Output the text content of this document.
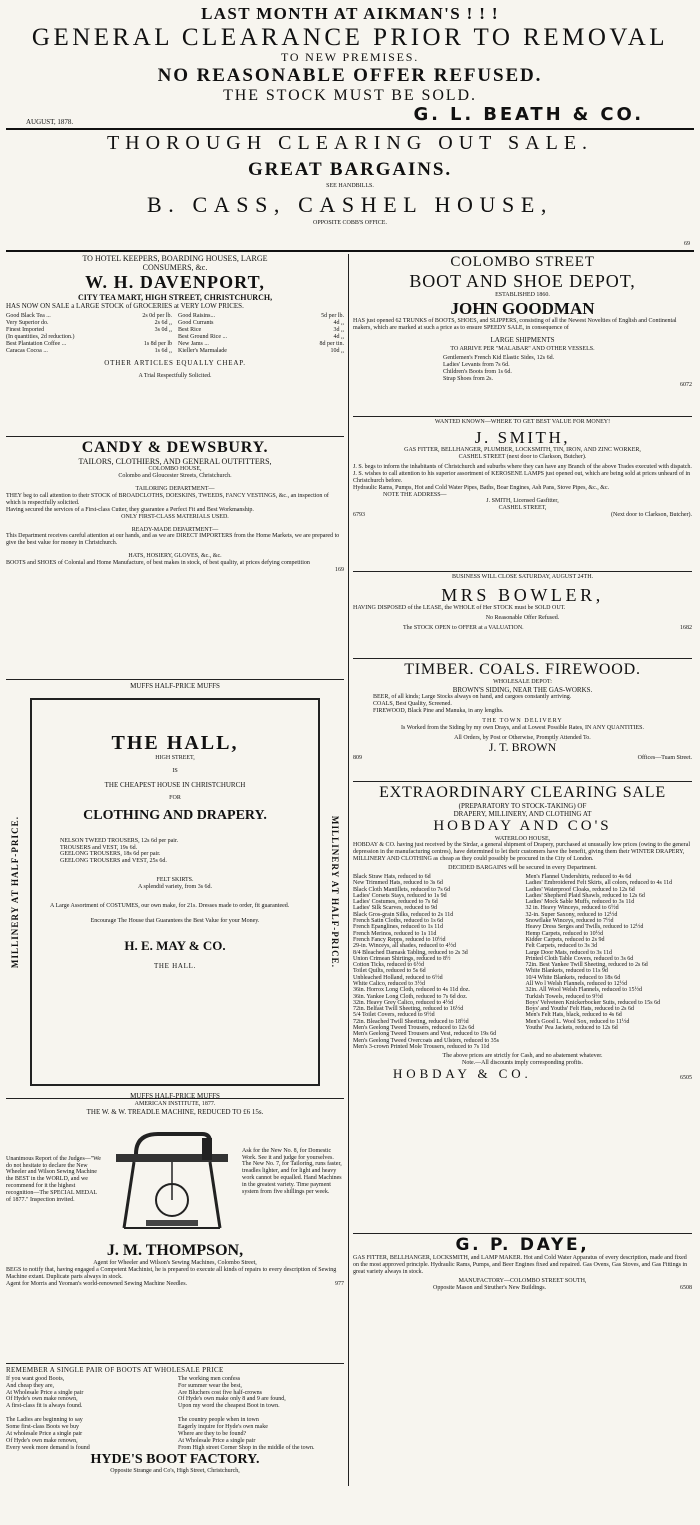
LAST MONTH AT AIKMAN'S ! ! !
GENERAL CLEARANCE PRIOR TO REMOVAL
TO NEW PREMISES.
NO REASONABLE OFFER REFUSED.
THE STOCK MUST BE SOLD.
AUGUST, 1878.	G. L. BEATH & CO.
THOROUGH CLEARING OUT SALE.
GREAT BARGAINS.
SEE HANDBILLS.
B. CASS, CASHEL HOUSE,
OPPOSITE COBB'S OFFICE.
69
TO HOTEL KEEPERS, BOARDING HOUSES, LARGE
CONSUMERS, &c.
W. H. DAVENPORT,
CITY TEA MART, HIGH STREET, CHRISTCHURCH,
HAS NOW ON SALE a LARGE STOCK of GROCERIES at VERY LOW PRICES.
Good Black Tea ...	2s 0d per lb.
Very Superior do.	2s 6d ,,
Finest Imported	3s 0d ,,
(In quantities, 2d reduction.)
Best Plantation Coffee ...	1s 8d per lb
Caracas Cocoa ...	1s 6d ,,
Good Raisins...	5d per lb.
Good Currants	4d ,,
Best Rice	3d ,,
Best Ground Rice ...	4d ,,
New Jams ...	8d per tin.
Kieller's Marmalade	10d ,,
OTHER ARTICLES EQUALLY CHEAP.
A Trial Respectfully Solicited.
CANDY & DEWSBURY.
TAILORS, CLOTHIERS, AND GENERAL OUTFITTERS,
COLOMBO HOUSE,
Colombo and Gloucester Streets, Christchurch.
TAILORING DEPARTMENT—
THEY beg to call attention to their STOCK of BROADCLOTHS, DOESKINS, TWEEDS, FANCY VESTINGS, &c., an inspection of which is respectfully solicited.
Having secured the services of a First-class Cutter, they guarantee a Perfect Fit and Best Workmanship.
ONLY FIRST-CLASS MATERIALS USED.
READY-MADE DEPARTMENT—
This Department receives careful attention at our hands, and as we are DIRECT IMPORTERS from the Home Markets, we are prepared to give the best value for money in Christchurch.
HATS, HOSIERY, GLOVES, &c., &c.
BOOTS and SHOES of Colonial and Home Manufacture, of best makes in stock, of best quality, at prices defying competition
169
MUFFS HALF-PRICE MUFFS
MILLINERY AT HALF-PRICE.	MILLINERY AT HALF-PRICE.
THE HALL,
HIGH STREET,
IS
THE CHEAPEST HOUSE IN CHRISTCHURCH
FOR
CLOTHING AND DRAPERY.
NELSON TWEED TROUSERS, 12s 6d per pair.
TROUSERS and VEST, 19s 6d.
GEELONG TROUSERS, 18s 6d per pair.
GEELONG TROUSERS and VEST, 25s 6d.
FELT SKIRTS.
A splendid variety, from 3s 6d.
A Large Assortment of COSTUMES, our own make, for 21s. Dresses made to order, fit guaranteed.
Encourage The House that Guarantees the Best Value for your Money.
H. E. MAY & CO.
THE HALL.
MUFFS HALF-PRICE MUFFS
AMERICAN INSTITUTE, 1877.
THE W. & W. TREADLE MACHINE, REDUCED TO £6 15s.
Unanimous Report of the Judges—"We do not hesitate to declare the New Wheeler and Wilson Sewing Machine the BEST in the WORLD, and we recommend for it the highest recognition—The SPECIAL MEDAL of 1877." Inspection invited.
Ask for the New No. 8, for Domestic Work. See it and judge for yourselves. The New No. 7, for Tailoring, runs faster, treadles lighter, and for light and heavy work cannot be equalled. Hand Machines in the greatest variety. Time payment system from five shillings per week.
J. M. THOMPSON,
Agent for Wheeler and Wilson's Sewing Machines, Colombo Street,
BEGS to notify that, having engaged a Competent Machinist, he is prepared to execute all kinds of repairs to every description of Sewing Machine extant. Duplicate parts always in stock.
Agent for Morris and Yeoman's world-renowned Sewing Machine Needles.	977
REMEMBER A SINGLE PAIR OF BOOTS AT WHOLESALE PRICE
If you want good Boots,
And cheap they are,
At Wholesale Price a single pair
Of Hyde's own make renown,
A first-class fit is always found.

The Ladies are beginning to say
Some first-class Boots we buy
At wholesale Price a single pair
Of Hyde's own make renown,
Every week more demand is found
The working men confess
For summer wear the best,
Are Bluchers cost five half-crowns
Of Hyde's own make only 8 and 9 are found,
Upon my word the cheapest Boot in town.

The country people when in town
Eagerly inquire for Hyde's own make
Where are they to be found?
At Wholesale Price a single pair
From High street Corner Shop in the middle of the town.
HYDE'S BOOT FACTORY.
Opposite Strange and Co's, High Street, Christchurch,
COLOMBO STREET
BOOT AND SHOE DEPOT,
ESTABLISHED 1860.
JOHN GOODMAN
HAS just opened 62 TRUNKS of BOOTS, SHOES, and SLIPPERS, consisting of all the Newest Novelties of English and Continental makers, which are marked at such a price as to ensure SPEEDY SALE, in consequence of
LARGE SHIPMENTS
TO ARRIVE PER "MALABAR" AND OTHER VESSELS.
Gentlemen's French Kid Elastic Sides, 12s 6d.
Ladies' Levants from 7s 6d.
Children's Boots from 1s 6d.
Strap Shoes from 2s.
6072
WANTED KNOWN—WHERE TO GET BEST VALUE FOR MONEY!
J. SMITH,
GAS FITTER, BELLHANGER, PLUMBER, LOCKSMITH, TIN, IRON, AND ZINC WORKER,
CASHEL STREET (next door to Clarkson, Butcher).
J. S. begs to inform the inhabitants of Christchurch and suburbs where they can have any Branch of the above Trades executed with dispatch.
J. S. wishes to call attention to his superior assortment of KEROSENE LAMPS just opened out, which are being sold at prices unheard of in Christchurch before.
Hydraulic Rams, Pumps, Hot and Cold Water Pipes, Baths, Boar Engines, Ash Pans, Stove Pipes, &c., &c.
NOTE THE ADDRESS—
J. SMITH, Licensed Gasfitter,
CASHEL STREET,
6793	(Next door to Clarkson, Butcher).
BUSINESS WILL CLOSE SATURDAY, AUGUST 24TH.
MRS BOWLER,
HAVING DISPOSED of the LEASE, the WHOLE of Her STOCK must be SOLD OUT.
No Reasonable Offer Refused.
The STOCK OPEN to OFFER at a VALUATION.	1682
TIMBER. COALS. FIREWOOD.
WHOLESALE DEPOT:
BROWN'S SIDING, NEAR THE GAS-WORKS.
BEER, of all kinds; Large Stocks always on hand, and cargoes constantly arriving.
COALS, Best Quality, Screened.
FIREWOOD, Black Pine and Manuka, in any lengths.
THE TOWN DELIVERY
Is Worked from the Siding by my own Drays, and at Lowest Possible Rates, IN ANY QUANTITIES.
All Orders, by Post or Otherwise, Promptly Attended To.
J. T. BROWN
809	Offices—Tuam Street.
EXTRAORDINARY CLEARING SALE
(PREPARATORY TO STOCK-TAKING) OF
DRAPERY, MILLINERY, AND CLOTHING AT
HOBDAY AND CO'S
WATERLOO HOUSE,
HOBDAY & CO. having just received by the Sirdar, a general shipment of Drapery, purchased at unusually low prices (owing to the general depression in the manufacturing centres), have determined to let their customers have the benefit, giving them their WINTER DRAPERY, MILLINERY AND CLOTHING as cheap as they could possibly be procured in the City of London.
DECIDED BARGAINS will be secured in every Department.
Black Straw Hats, reduced to 6d
New Trimmed Hats, reduced to 3s 6d
Black Cloth Mantillets, reduced to 7s 6d
Ladies' Corsets Stays, reduced to 1s 9d
Ladies' Costumes, reduced to 7s 6d
Ladies' Silk Scarves, reduced to 9d
Black Gros-grain Silks, reduced to 2s 11d
French Satin Cloths, reduced to 1s 6d
French Epanglines, reduced to 1s 11d
French Merinos, reduced to 1s 11d
French Fancy Repps, reduced to 10½d
29-in. Winceys, all shades, reduced to 4½d
8/4 Bleached Damask Tabling, reduced to 2s 3d
Union Crimean Shirtings, reduced to 8½
Cotton Ticks, reduced to 6½d
Toilet Quilts, reduced to 5s 6d
Unbleached Holland, reduced to 6½d
White Calico, reduced to 3½d
36in. Horrox Long Cloth, reduced to 4s 11d doz.
36in. Yankee Long Cloth, reduced to 7s 6d doz.
32in. Heavy Grey Calico, reduced to 4½d
72in. Belfast Twill Sheeting, reduced to 16½d
5/4 Toilet Covers, reduced to 9½d
72in. Bleached Twill Sheeting, reduced to 18½d
Men's Geelong Tweed Trousers, reduced to 12s 6d
Men's Geelong Tweed Trousers and Vest, reduced to 19s 6d
Men's Geelong Tweed Overcoats and Ulsters, reduced to 35s
Men's 3-crown Printed Mole Trousers, reduced to 7s 11d
Men's Flannel Undershirts, reduced to 4s 6d
Ladies' Embroidered Felt Skirts, all colors, reduced to 4s 11d
Ladies' Waterproof Cloaks, reduced to 12s 6d
Ladies' Shepherd Plaid Shawls, reduced to 12s 6d
Ladies' Mock Sable Muffs, reduced to 3s 11d
32 in. Heavy Winceys, reduced to 6½d
32-in. Super Saxony, reduced to 12½d
Snowflake Winceys, reduced to 7½d
Heavy Dress Serges and Twills, reduced to 12½d
Hemp Carpets, reduced to 10½d
Kidder Carpets, reduced to 2s 9d
Felt Carpets, reduced to 3s 3d
Large Door Mats, reduced to 3s 11d
Printed Cloth Table Covers, reduced to 3s 6d
72in. Best Yankee Twill Sheeting, reduced to 2s 6d
White Blankets, reduced to 11s 9d
10/4 White Blankets, reduced to 18s 6d
All Wo l Welsh Flannels, reduced to 12½d
32in. All Wool Welsh Flannels, reduced to 15½d
Turkish Towels, reduced to 9½d
Boys' Velveteen Knickerbocker Suits, reduced to 15s 6d
Boys' and Youths' Felt Hats, reduced to 2s 6d
Men's Felt Hats, black, reduced to 4s 6d
Men's Good L. Wool Sox, reduced to 11½d
Youths' Pea Jackets, reduced to 12s 6d
The above prices are strictly for Cash, and no abatement whatever.
Note.—All discounts imply corresponding profits.
HOBDAY & CO.	6505
G. P. DAYE,
GAS FITTER, BELLHANGER, LOCKSMITH, and LAMP MAKER. Hot and Cold Water Apparatus of every description, made and fixed on the most approved principle. Hydraulic Rams, Pumps, and Beer Engines fixed and repaired. Gas Ovens, Gas Stoves, and Gas Fittings in great variety always in stock.
MANUFACTORY—COLOMBO STREET SOUTH,
Opposite Mason and Struther's New Buildings.	6508
